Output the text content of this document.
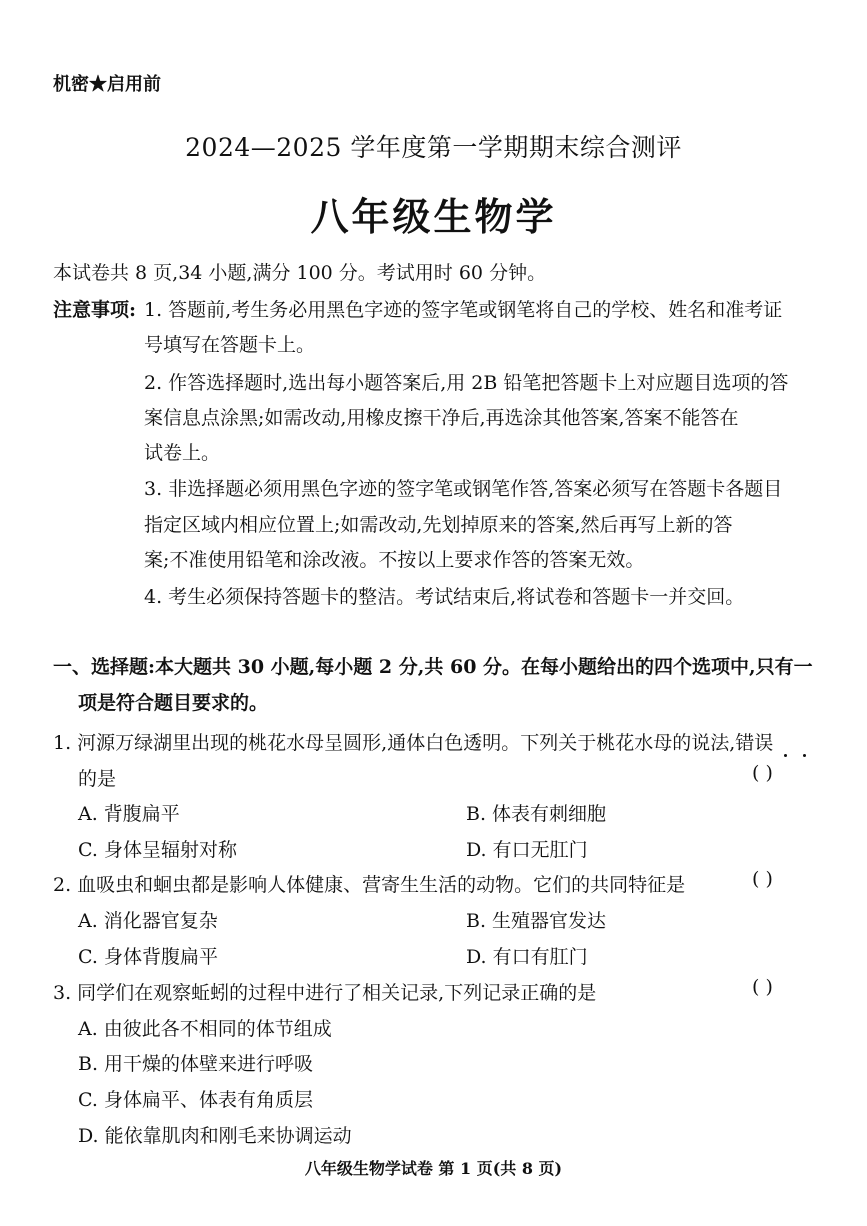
机密★启用前
2024—2025 学年度第一学期期末综合测评
八年级生物学
本试卷共 8 页,34 小题,满分 100 分。考试用时 60 分钟。
注意事项: 1. 答题前,考生务必用黑色字迹的签字笔或钢笔将自己的学校、姓名和准考证
号填写在答题卡上。
2. 作答选择题时,选出每小题答案后,用 2B 铅笔把答题卡上对应题目选项的答
案信息点涂黑;如需改动,用橡皮擦干净后,再选涂其他答案,答案不能答在
试卷上。
3. 非选择题必须用黑色字迹的签字笔或钢笔作答,答案必须写在答题卡各题目
指定区域内相应位置上;如需改动,先划掉原来的答案,然后再写上新的答
案;不准使用铅笔和涂改液。不按以上要求作答的答案无效。
4. 考生必须保持答题卡的整洁。考试结束后,将试卷和答题卡一并交回。
一、选择题:本大题共 30 小题,每小题 2 分,共 60 分。在每小题给出的四个选项中,只有一
项是符合题目要求的。
1. 河源万绿湖里出现的桃花水母呈圆形,通体白色透明。下列关于桃花水母的说法,错误
的是	( )
A. 背腹扁平	B. 体表有刺细胞
C. 身体呈辐射对称	D. 有口无肛门
2. 血吸虫和蛔虫都是影响人体健康、营寄生生活的动物。它们的共同特征是	( )
A. 消化器官复杂	B. 生殖器官发达
C. 身体背腹扁平	D. 有口有肛门
3. 同学们在观察蚯蚓的过程中进行了相关记录,下列记录正确的是	( )
A. 由彼此各不相同的体节组成
B. 用干燥的体壁来进行呼吸
C. 身体扁平、体表有角质层
D. 能依靠肌肉和刚毛来协调运动
八年级生物学试卷 第 1 页(共 8 页)
